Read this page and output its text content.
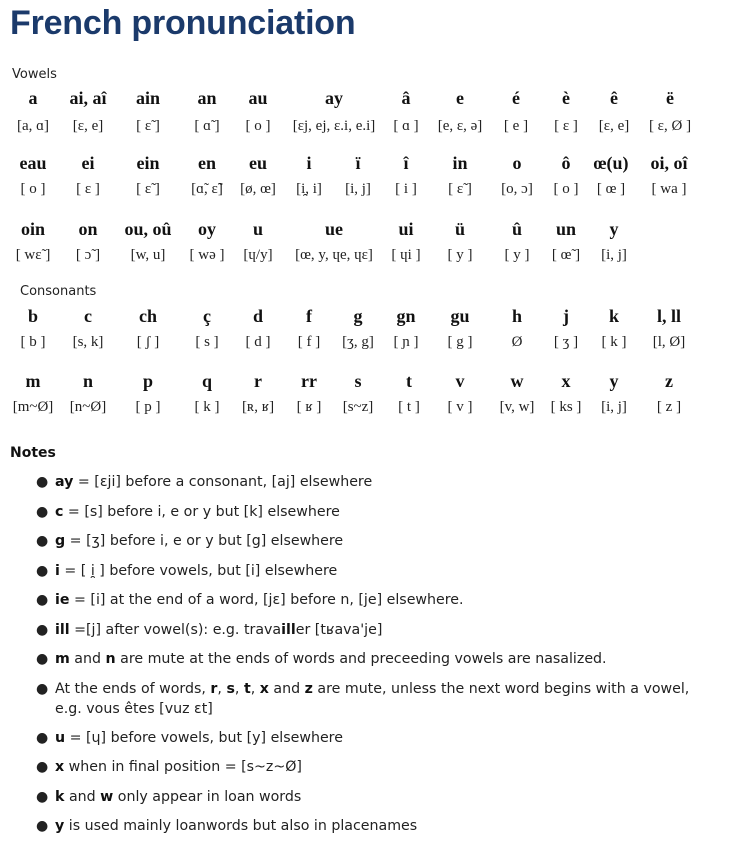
French pronunciation
Vowels
Consonants
a ai, aî ain an au	ay	â	e	é è ê	ë
[a, ɑ] [ɛ, e] [ ɛ̃ ] [ ɑ̃ ] [ o ] [ɛj, ej, ɛ.i, e.i] [ ɑ ] [e, ɛ, ə] [ e ] [ ɛ ] [ɛ, e] [ ɛ, Ø ]
eau ei ein en eu i ï î in o ô œ(u) oi, oî
[ o ] [ ɛ ] [ ɛ̃ ] [ɑ̃, ɛ̃] [ø, œ] [i̯, i] [i, j] [ i ] [ ɛ̃ ] [o, ɔ] [ o ] [ œ ] [ wa ]
oin on ou, oû oy u	ue	ui ü	û un y
[ wɛ̃ ] [ ɔ̃ ] [w, u] [ wə ] [ɥ/y] [œ, y, ɥe, ɥɛ] [ ɥi ] [ y ] [ y ] [ œ̃ ] [i, j]
b	c	ch	ç d f g gn gu h j k l, ll
[ b ] [s, k] [ ʃ ] [ s ] [ d ] [ f ] [ʒ, g] [ ɲ ] [ g ]	Ø [ ʒ ] [ k ] [l, Ø]
m n	p	q r rr s t v	w x y	z
[m~Ø] [n~Ø] [ p ] [ k ] [ʀ, ʁ] [ ʁ ] [s~z] [ t ] [ v ] [v, w] [ ks ] [i, j] [ z ]
Notes
● ay = [ɛji] before a consonant, [aj] elsewhere
● c = [s] before i, e or y but [k] elsewhere
● g = [ʒ] before i, e or y but [g] elsewhere
● i = [ i̯ ] before vowels, but [i] elsewhere
● ie = [i] at the end of a word, [jɛ] before n, [je] elsewhere.
● ill =[j] after vowel(s): e.g. travailler [tʁava'je]
● m and n are mute at the ends of words and preceeding vowels are nasalized.
● At the ends of words, r, s, t, x and z are mute, unless the next word begins with a vowel, e.g. vous êtes [vuz ɛt]
● u = [ɥ] before vowels, but [y] elsewhere
● x when in final position = [s~z~Ø]
● k and w only appear in loan words
● y is used mainly loanwords but also in placenames
